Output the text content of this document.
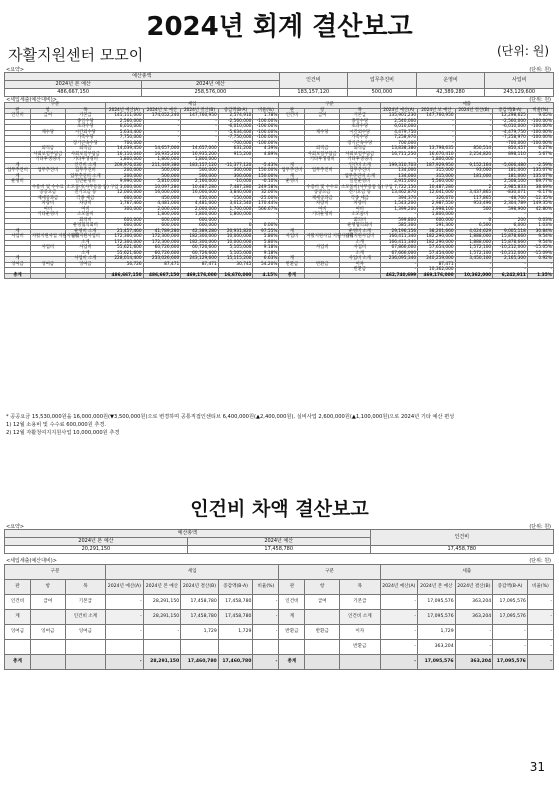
2024년 회계 결산보고
자활지원센터 모모이	(단위: 원)
<요약>	(단위: 원)
예산총액		인건비	업무추진비	운영비	사업비
2024년 본 예산	2024년 예산				
486,667,150	258,576,000	183,157,120	500,000	42,389,280	243,129,600
<세입세출(예산대비)>	(단위: 원)
구분			세입					구분			세출				
관	항	목	2024년 예산(A)	2024년 보 예산	2024년 결산(B)	증감액(B-A)	비율(%)	관	항	목	2024년 예산(A)	2024년 보 예산	2024년 결산(B)	증감액(B-A)	비율(%)
인건비	급여	기본급	145,111,000	174,052,240	147,760,950	2,574,910	1.78%	인건비	급여	기본급	135,901,230	147,760,950	-	12,298,625	9.05%
		종일수당	2,560,000	-	-	-2,560,000	-100.00%			종일수당	2,540,000	-	-	-2,560,000	-100.00%
		초과수당	6,010,000	-	-	-6,010,000	-100.00%			초과수당	6,010,000	-	-	-6,010,000	-100.00%
	제수당	시간외수당	5,634,400	-	-	-5,634,400	-100.00%		제수당	시간외수당	4,479,750	-	-	-4,479,750	-100.00%
		가족수당	7,750,000	-	-	-7,750,000	-100.00%			가족수당	7,258,970	-	-	-7,258,970	-100.00%
		장기근속수당	700,000	-	-	-700,000	-100.00%			장기근속수당	700,000	-	-	-700,000	-100.00%
	퇴직금	퇴직금	14,039,450	14,657,000	14,657,000	631,200	4.39%		퇴직금	퇴직금	13,838,380	13,798,635	850,514	850,457	6.27%
	사회보험부담금	사회보험부담금	16,110,040	16,935,200	16,935,200	915,200	4.89%		사회보험부담금	사회보험부담금	16,711,250	16,670,410	2,254,820	898,110	5.67%
	기타후생경비	기타후생경비	1,800,000	1,800,000	1,800,000	-	-		기타후생경비	기타후생경비	-	1,800,000	-	-	-
계		인건비 소계	209,976,030	211,449,380	183,157,120	-11,377,120	-5.43%	계		인건비 소계	199,310,703	187,929,950	9,152,164	-5,606,480	-2.59%
업무추진비	업무추진비	업무추진비	200,000	500,000	500,000	300,000	150.00%	업무추진비	업무추진비	업무추진비	134,000	315,000	93,000	181,000	135.07%
계		업무추진비 소계	200,000	500,000	500,000	300,000	150.00%	계		업무추진비 소계	134,000	315,000	181,000	181,000	135.07%
운영비		일반운영비	9,990,000	5,810,000	2,160,000	-10,000	-0.10%	운영비		일반운영비	2,915,000	5,560,000	-	2,508,100	69.77%
	수용비 및 수수료	소모품비(사무용품 등) 구입	3,000,000	10,097,280	10,487,280	7,487,280	249.58%		수용비 및 수수료	소모품비(사무용품 등) 구입	7,722,150	10,487,280	2	2,985,833	38.69%
	공공요금	전기요금 등	12,000,000	16,000,000	16,000,000	3,840,000	32.00%		공공요금	전기요금 등	13,462,870	12,641,000	3,437,865	-830,071	-6.17%
	제세공과금	각종 세금	600,000	450,000	450,000	-150,000	-25.00%		제세공과금	각종 세금	394,370	326,670	117,865	-48,700	-12.35%
	차량비	차량비	1,767,460	4,481,000	4,481,000	3,012,540	170.44%		차량비	차량비	1,543,200	2,987,550	953,496	2,304,789	149.35%
	여비	여비	300,000	2,000,000	2,000,000	1,700,000	566.67%		여비	여비	1,399,200	1,998,100	500	598,900	42.80%
	기타운영비	소모품비	-	1,800,000	1,800,000	1,800,000	-		기타운영비	소모품비	-	1,800,000	-	-	-
		회의비	600,000	600,000	600,000	-	-			회의비	599,800	600,000	0	200	0.03%
		운영협의회비	600,000	600,000	600,000	0	0.00%			운영협의회비	585,300	591,300	6,500	6,000	1.03%
계		운영비 소계	21,457,460	41,789,280	42,389,280	20,931,820	97.55%	계		운영비 소계	29,196,156	38,201,660	4,024,629	9,005,118	30.84%
사업비	자활지원사업 지원사업비	자활지원사업비	172,300,000	172,300,000	182,300,000	10,000,000	5.80%	사업비	자활지원사업 지원사업비	자활지원사업비	166,411,340	182,290,000	1,888,000	15,878,660	9.54%
		소계	172,300,000	172,300,000	182,300,000	10,000,000	5.80%			소계	166,411,340	182,290,000	1,888,000	15,878,660	9.54%
	사업비	사업비	55,621,600	60,726,600	60,726,600	5,105,000	9.18%		사업비	사업비	67,866,000	57,654,000	1,572,100	-10,212,000	-15.05%
		소계	55,621,600	60,726,600	60,726,600	5,105,000	9.18%			소계	67,666,000	57,454,000	1,572,100	-10,212,000	-15.09%
계		사업비 소계	228,014,400	233,026,600	243,129,600	15,115,200	6.63%	계		사업비 소계	236,095,340	240,259,000	3,450,100	2,165,300	0.92%
잉여금	잉여금	잉여금	56,726	87,471	87,471	30,745	54.20%	반환금	반환금	이자	-	87,471	-	-	-
										반환금	-	10,362,000	-	-	-
총계			486,667,150	486,667,150	469,176,000	16,670,000	4.15%	총계			462,740,699	469,176,000	10,362,000	6,242,911	1.35%
* 공공요금 15,530,000원을 16,000,000원(▼3,500,000원)으로 변경하며 공통직접인센티브 6,400,000원(▲2,400,000원), 실비사업 2,600,000원(▲1,100,000원)으로 2024년 기타 예산 편성
1) 12월 소용비 및 수수료 600,000원 추경.
2) 12월 자활청여지지원사업 10,000,000원 추경
인건비 차액 결산보고
<요약>	(단위: 원)
예산총액		인건비
2024년 본 예산	2024년 예산	
20,291,150	17,458,780	17,458,780
<세입세출(예산대비)>	(단위: 원)
구분			세입					구분			세출				
관	항	목	2024년 예산(A)	2024년 본 예산	2024년 결산(B)	증감액(B-A)	비율(%)	관	항	목	2024년 예산(A)	2024년 본 예산	2024년 결산(B)	증감액(B-A)	비율(%)
인건비	급여	기본급	-	28,291,150	17,458,780	17,458,780	-	인건비	급여	기본급	-	17,095,576	363,204	17,095,576	-
계		인건비 소계	-	28,291,150	17,458,780	17,458,780	-	계		인건비 소계	-	17,095,576	363,204	17,095,576	-
잉여금	잉여금	잉여금	-	-	1,729	1,729	-	반환금	반환금	이자	-	1,729	-	-	-
										반환금	-	363,204	-	-	-
총계			-	28,291,150	17,460,780	17,460,780	-	총계			-	17,095,576	363,204	17,095,576	-
31
